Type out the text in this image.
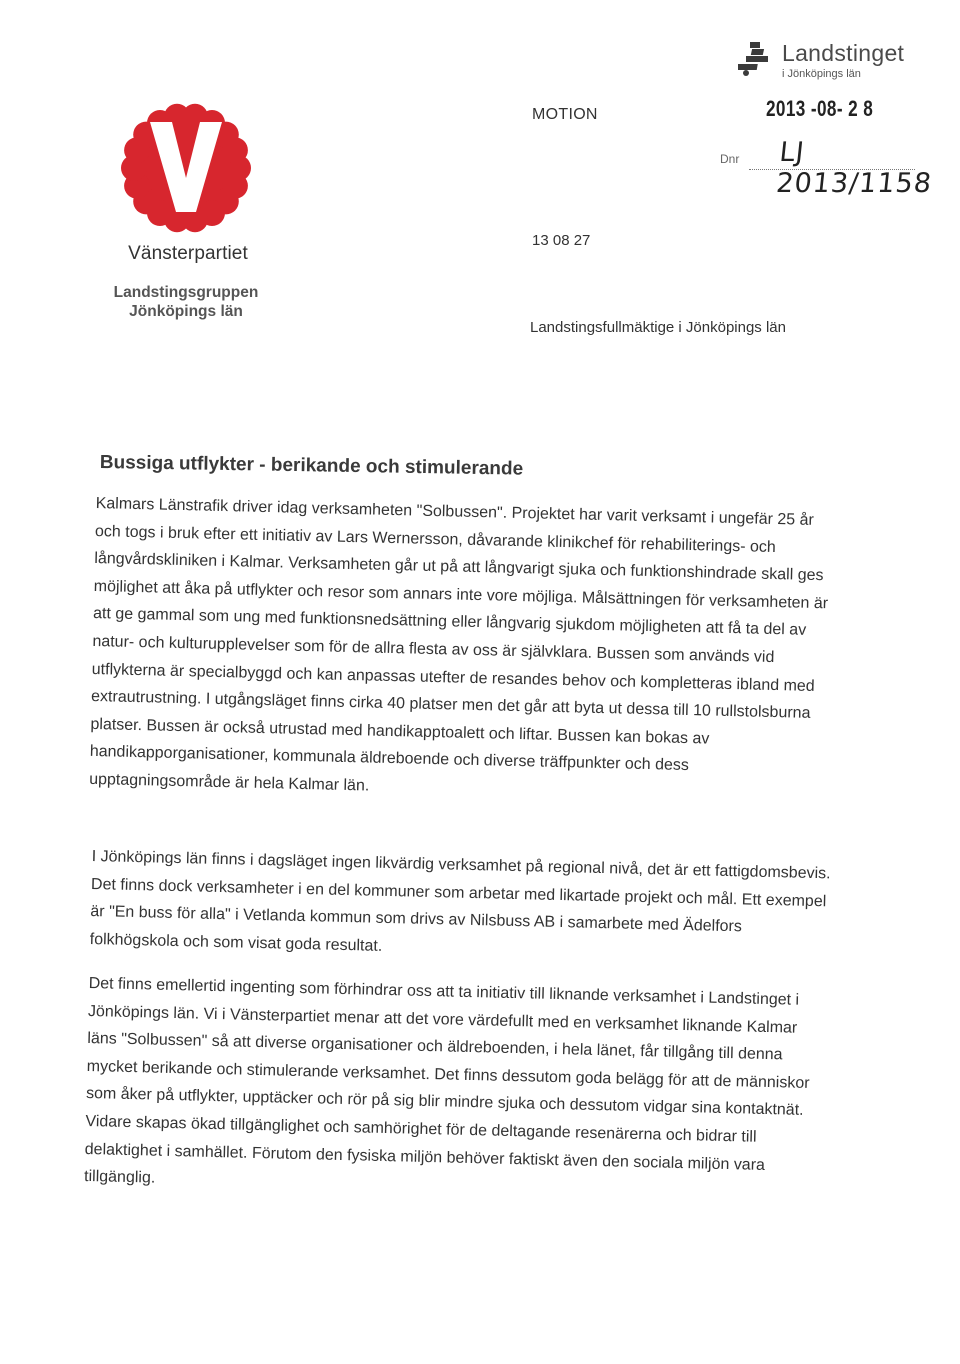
Vänsterpartiet
Landstingsgruppen
Jönköpings län
MOTION
13 08 27
Landstingsfullmäktige i Jönköpings län
Landstinget
i Jönköpings län
2013 -08- 2 8
Dnr LJ 2013/1158
Bussiga utflykter - berikande och stimulerande
Kalmars Länstrafik driver idag verksamheten "Solbussen". Projektet har varit verksamt i ungefär 25 år och togs i bruk efter ett initiativ av Lars Wernersson, dåvarande klinikchef för rehabiliterings- och långvårdskliniken i Kalmar. Verksamheten går ut på att långvarigt sjuka och funktionshindrade skall ges möjlighet att åka på utflykter och resor som annars inte vore möjliga. Målsättningen för verksamheten är att ge gammal som ung med funktionsnedsättning eller långvarig sjukdom möjligheten att få ta del av natur- och kulturupplevelser som för de allra flesta av oss är självklara. Bussen som används vid utflykterna är specialbyggd och kan anpassas utefter de resandes behov och kompletteras ibland med extrautrustning. I utgångsläget finns cirka 40 platser men det går att byta ut dessa till 10 rullstolsburna platser. Bussen är också utrustad med handikapptoalett och liftar. Bussen kan bokas av handikapporganisationer, kommunala äldreboende och diverse träffpunkter och dess upptagningsområde är hela Kalmar län.
I Jönköpings län finns i dagsläget ingen likvärdig verksamhet på regional nivå, det är ett fattigdomsbevis. Det finns dock verksamheter i en del kommuner som arbetar med likartade projekt och mål. Ett exempel är "En buss för alla" i Vetlanda kommun som drivs av Nilsbuss AB i samarbete med Ädelfors folkhögskola och som visat goda resultat.
Det finns emellertid ingenting som förhindrar oss att ta initiativ till liknande verksamhet i Landstinget i Jönköpings län. Vi i Vänsterpartiet menar att det vore värdefullt med en verksamhet liknande Kalmar läns "Solbussen" så att diverse organisationer och äldreboenden, i hela länet, får tillgång till denna mycket berikande och stimulerande verksamhet. Det finns dessutom goda belägg för att de människor som åker på utflykter, upptäcker och rör på sig blir mindre sjuka och dessutom vidgar sina kontaktnät. Vidare skapas ökad tillgänglighet och samhörighet för de deltagande resenärerna och bidrar till delaktighet i samhället. Förutom den fysiska miljön behöver faktiskt även den sociala miljön vara tillgänglig.
